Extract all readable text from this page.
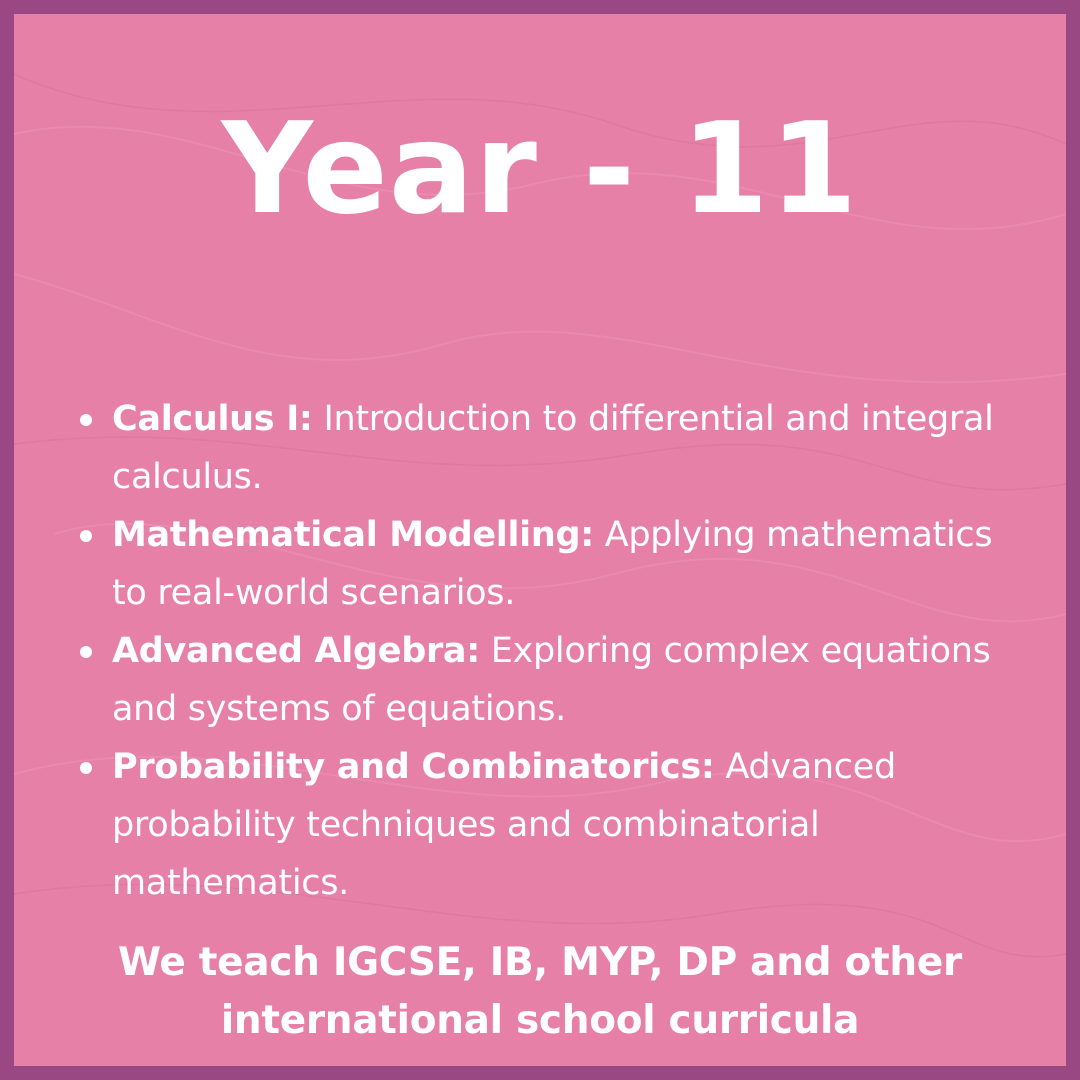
Year - 11
Calculus I: Introduction to differential and integral calculus.
Mathematical Modelling: Applying mathematics to real-world scenarios.
Advanced Algebra: Exploring complex equations and systems of equations.
Probability and Combinatorics: Advanced probability techniques and combinatorial mathematics.
We teach IGCSE, IB, MYP, DP and other
international school curricula
